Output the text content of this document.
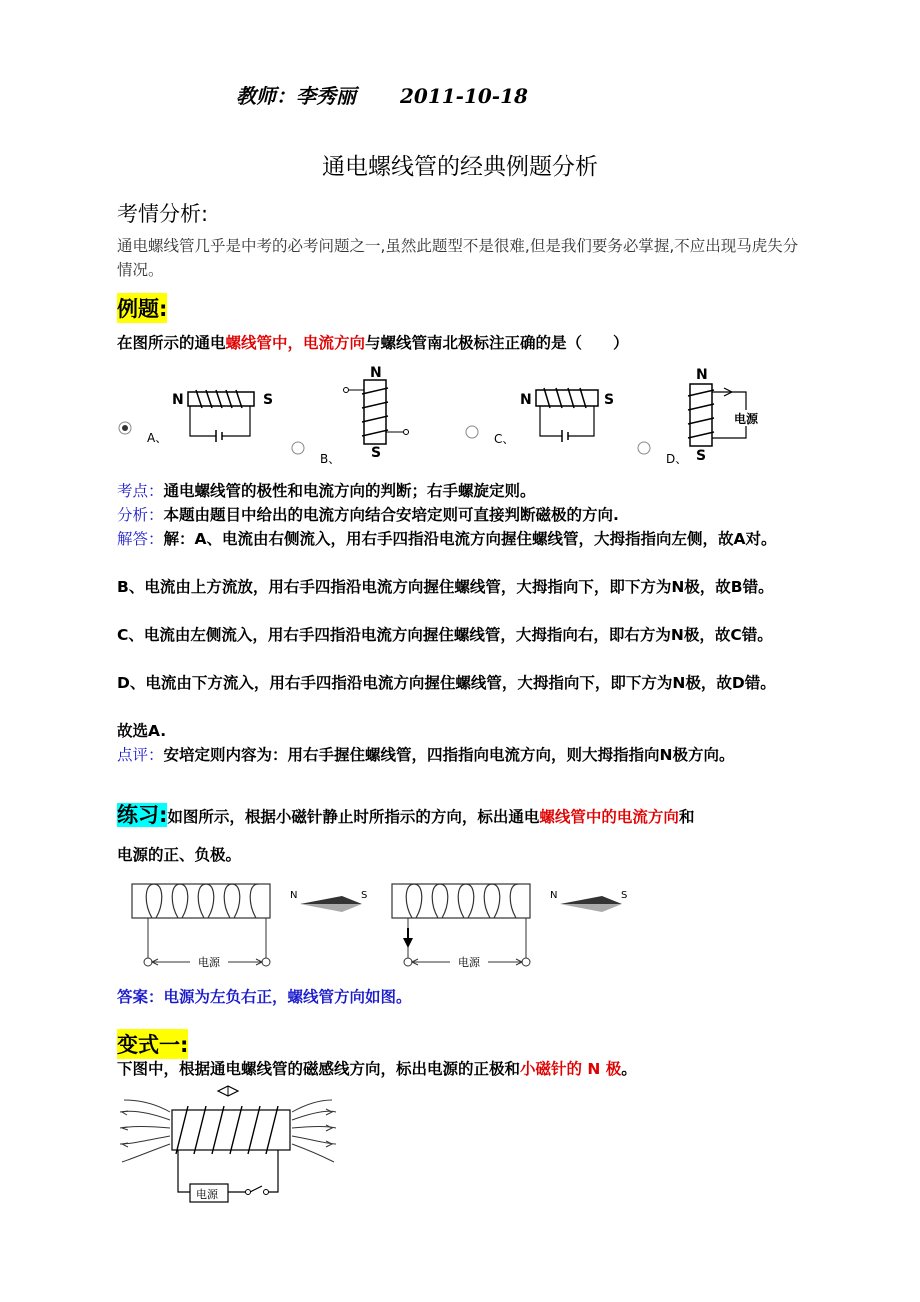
教师：李秀丽 2011-10-18
通电螺线管的经典例题分析
考情分析:
通电螺线管几乎是中考的必考问题之一,虽然此题型不是很难,但是我们要务必掌握,不应出现马虎失分情况。
例题:
在图所示的通电螺线管中，电流方向与螺线管南北极标注正确的是（　　）
A、
N	S
B、
N
S
C、
N	S
D、
N
电源
S
考点：通电螺线管的极性和电流方向的判断；右手螺旋定则。
分析：本题由题目中给出的电流方向结合安培定则可直接判断磁极的方向.
解答：解：A、电流由右侧流入，用右手四指沿电流方向握住螺线管，大拇指指向左侧，故A对。
B、电流由上方流放，用右手四指沿电流方向握住螺线管，大拇指向下，即下方为N极，故B错。
C、电流由左侧流入，用右手四指沿电流方向握住螺线管，大拇指向右，即右方为N极，故C错。
D、电流由下方流入，用右手四指沿电流方向握住螺线管，大拇指向下，即下方为N极，故D错。
故选A.
点评：安培定则内容为：用右手握住螺线管，四指指向电流方向，则大拇指指向N极方向。
练习:如图所示，根据小磁针静止时所指示的方向，标出通电螺线管中的电流方向和
电源的正、负极。
电源
N	S
电源
N	S
答案：电源为左负右正，螺线管方向如图。
变式一:
下图中，根据通电螺线管的磁感线方向，标出电源的正极和小磁针的 N 极。
电源
